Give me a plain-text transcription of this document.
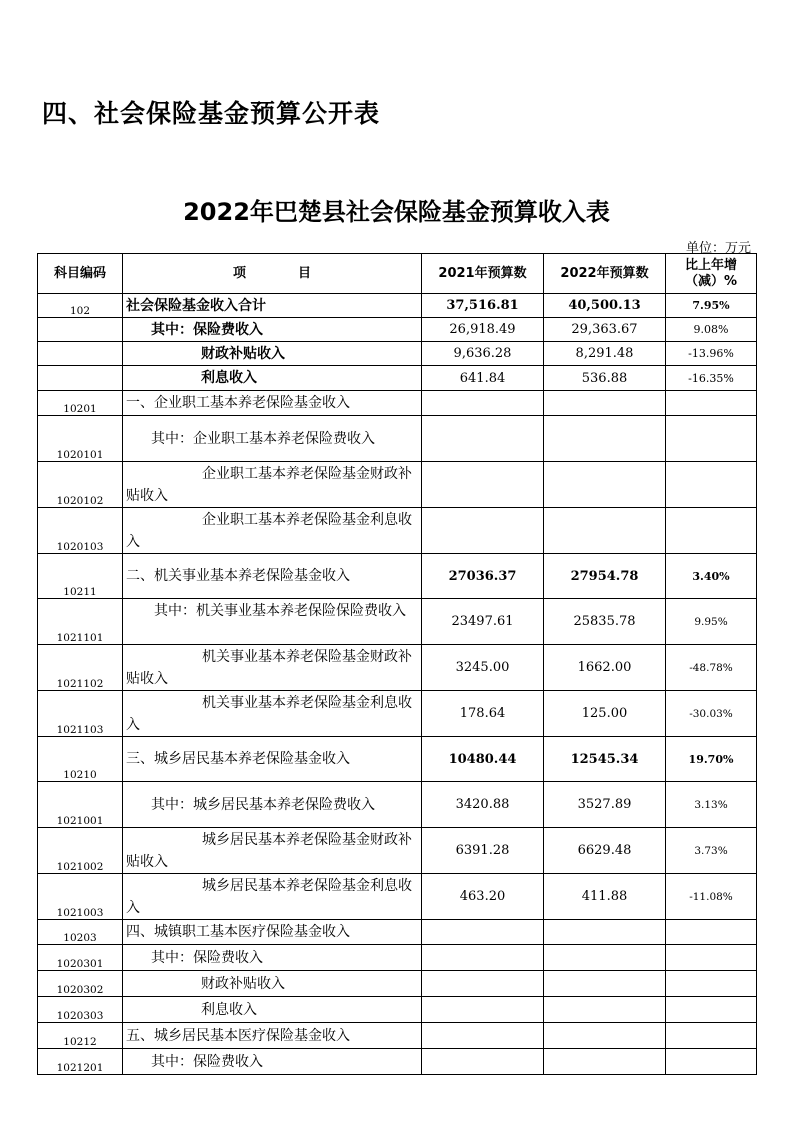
四、社会保险基金预算公开表
2022年巴楚县社会保险基金预算收入表
单位：万元
科目编码	项　　　　目	2021年预算数	2022年预算数	比上年增
（减）%

102	社会保险基金收入合计	37,516.81	40,500.13	7.95%
	其中：保险费收入	26,918.49	29,363.67	9.08%
	财政补贴收入	9,636.28	8,291.48	-13.96%
	利息收入	641.84	536.88	-16.35%
10201	一、企业职工基本养老保险基金收入			
1020101	其中：企业职工基本养老保险费收入			
1020102	企业职工基本养老保险基金财政补贴收入			
1020103	企业职工基本养老保险基金利息收入			
10211	二、机关事业基本养老保险基金收入	27036.37	27954.78	3.40%
1021101	其中：机关事业基本养老保险保险费收入	23497.61	25835.78	9.95%
1021102	机关事业基本养老保险基金财政补贴收入	3245.00	1662.00	-48.78%
1021103	机关事业基本养老保险基金利息收入	178.64	125.00	-30.03%
10210	三、城乡居民基本养老保险基金收入	10480.44	12545.34	19.70%
1021001	其中：城乡居民基本养老保险费收入	3420.88	3527.89	3.13%
1021002	城乡居民基本养老保险基金财政补贴收入	6391.28	6629.48	3.73%
1021003	城乡居民基本养老保险基金利息收入	463.20	411.88	-11.08%
10203	四、城镇职工基本医疗保险基金收入			
1020301	其中：保险费收入			
1020302	财政补贴收入			
1020303	利息收入			
10212	五、城乡居民基本医疗保险基金收入			
1021201	其中：保险费收入			
